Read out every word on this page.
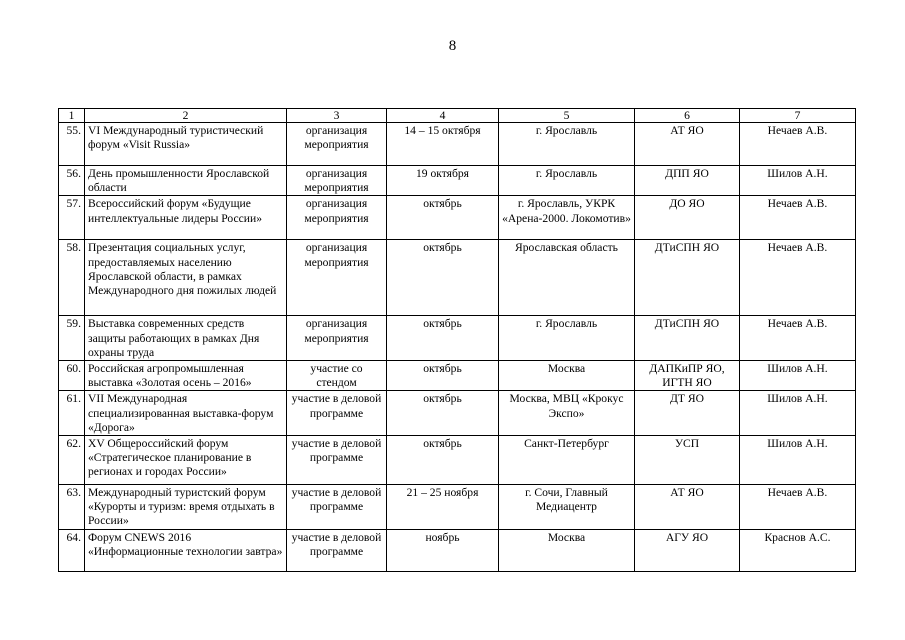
8
1	2	3	4	5	6	7
55.	VI Международный туристический форум «Visit Russia»	организация мероприятия	14 – 15 октября	г. Ярославль	АТ ЯО	Нечаев А.В.
56.	День промышленности Ярославской области	организация мероприятия	19 октября	г. Ярославль	ДПП ЯО	Шилов А.Н.
57.	Всероссийский форум «Будущие интеллектуальные лидеры России»	организация мероприятия	октябрь	г. Ярославль, УКРК «Арена-2000. Локомотив»	ДО ЯО	Нечаев А.В.
58.	Презентация социальных услуг, предоставляемых населению Ярославской области, в рамках Международного дня пожилых людей	организация мероприятия	октябрь	Ярославская область	ДТиСПН ЯО	Нечаев А.В.
59.	Выставка современных средств защиты работающих в рамках Дня охраны труда	организация мероприятия	октябрь	г. Ярославль	ДТиСПН ЯО	Нечаев А.В.
60.	Российская агропромышленная выставка «Золотая осень – 2016»	участие со стендом	октябрь	Москва	ДАПКиПР ЯО, ИГТН ЯО	Шилов А.Н.
61.	VII Международная специализированная выставка-форум «Дорога»	участие в деловой программе	октябрь	Москва, МВЦ «Крокус Экспо»	ДТ ЯО	Шилов А.Н.
62.	XV Общероссийский форум «Стратегическое планирование в регионах и городах России»	участие в деловой программе	октябрь	Санкт-Петербург	УСП	Шилов А.Н.
63.	Международный туристский форум «Курорты и туризм: время отдыхать в России»	участие в деловой программе	21 – 25 ноября	г. Сочи, Главный Медиацентр	АТ ЯО	Нечаев А.В.
64.	Форум CNEWS 2016 «Информационные технологии завтра»	участие в деловой программе	ноябрь	Москва	АГУ ЯО	Краснов А.С.
